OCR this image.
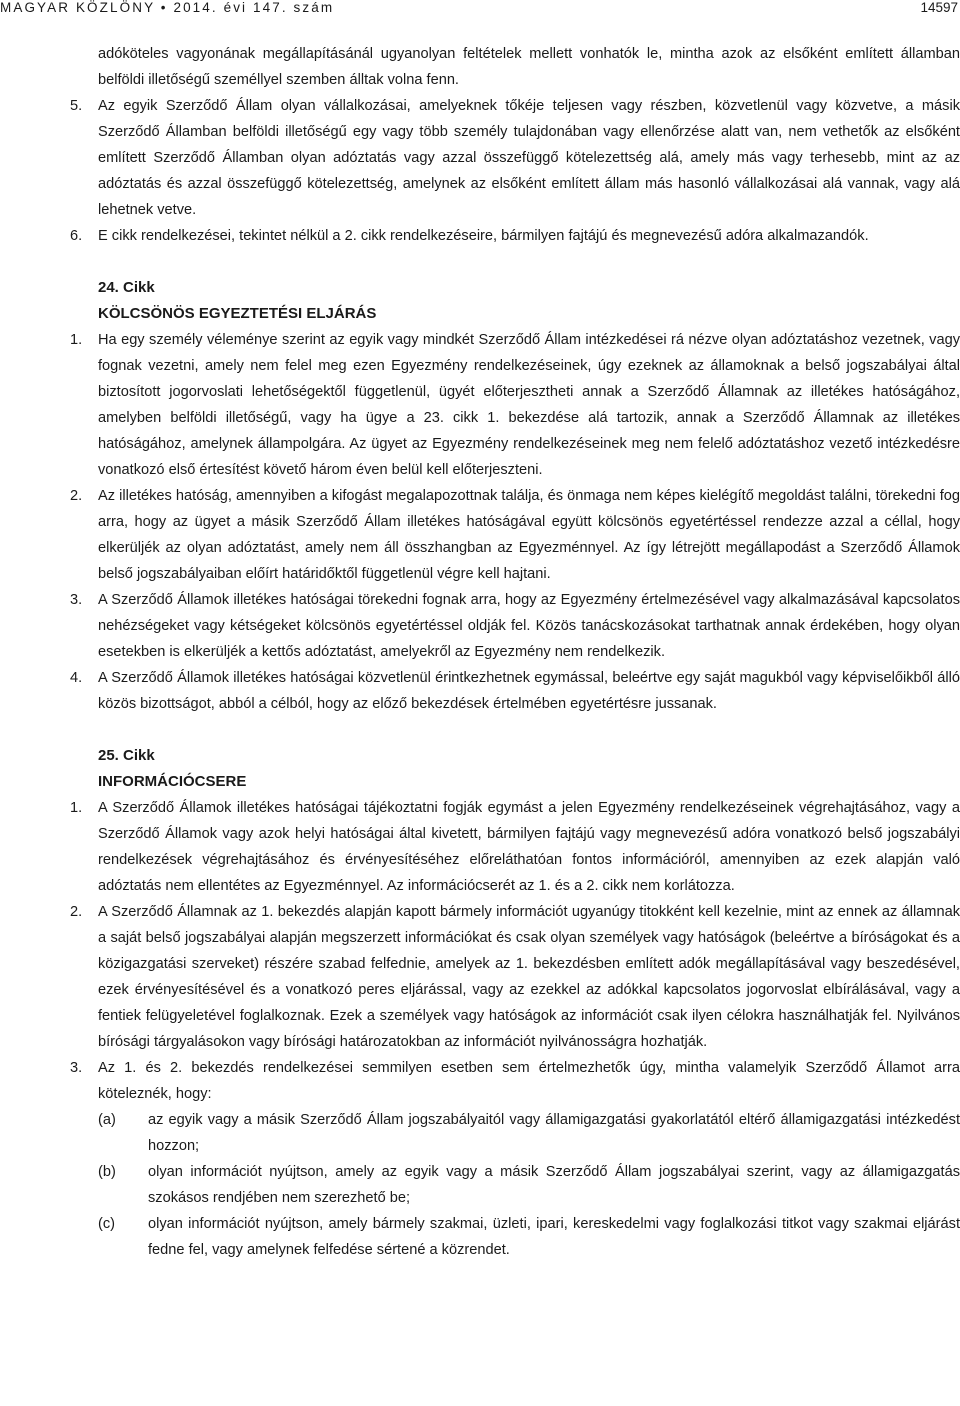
MAGYAR KÖZLÖNY • 2014. évi 147. szám	14597
adóköteles vagyonának megállapításánál ugyanolyan feltételek mellett vonhatók le, mintha azok az elsőként említett államban belföldi illetőségű személlyel szemben álltak volna fenn.
5. Az egyik Szerződő Állam olyan vállalkozásai, amelyeknek tőkéje teljesen vagy részben, közvetlenül vagy közvetve, a másik Szerződő Államban belföldi illetőségű egy vagy több személy tulajdonában vagy ellenőrzése alatt van, nem vethetők az elsőként említett Szerződő Államban olyan adóztatás vagy azzal összefüggő kötelezettség alá, amely más vagy terhesebb, mint az az adóztatás és azzal összefüggő kötelezettség, amelynek az elsőként említett állam más hasonló vállalkozásai alá vannak, vagy alá lehetnek vetve.
6. E cikk rendelkezései, tekintet nélkül a 2. cikk rendelkezéseire, bármilyen fajtájú és megnevezésű adóra alkalmazandók.
24. Cikk
KÖLCSÖNÖS EGYEZTETÉSI ELJÁRÁS
1. Ha egy személy véleménye szerint az egyik vagy mindkét Szerződő Állam intézkedései rá nézve olyan adóztatáshoz vezetnek, vagy fognak vezetni, amely nem felel meg ezen Egyezmény rendelkezéseinek, úgy ezeknek az államoknak a belső jogszabályai által biztosított jogorvoslati lehetőségektől függetlenül, ügyét előterjesztheti annak a Szerződő Államnak az illetékes hatóságához, amelyben belföldi illetőségű, vagy ha ügye a 23. cikk 1. bekezdése alá tartozik, annak a Szerződő Államnak az illetékes hatóságához, amelynek állampolgára. Az ügyet az Egyezmény rendelkezéseinek meg nem felelő adóztatáshoz vezető intézkedésre vonatkozó első értesítést követő három éven belül kell előterjeszteni.
2. Az illetékes hatóság, amennyiben a kifogást megalapozottnak találja, és önmaga nem képes kielégítő megoldást találni, törekedni fog arra, hogy az ügyet a másik Szerződő Állam illetékes hatóságával együtt kölcsönös egyetértéssel rendezze azzal a céllal, hogy elkerüljék az olyan adóztatást, amely nem áll összhangban az Egyezménnyel. Az így létrejött megállapodást a Szerződő Államok belső jogszabályaiban előírt határidőktől függetlenül végre kell hajtani.
3. A Szerződő Államok illetékes hatóságai törekedni fognak arra, hogy az Egyezmény értelmezésével vagy alkalmazásával kapcsolatos nehézségeket vagy kétségeket kölcsönös egyetértéssel oldják fel. Közös tanácskozásokat tarthatnak annak érdekében, hogy olyan esetekben is elkerüljék a kettős adóztatást, amelyekről az Egyezmény nem rendelkezik.
4. A Szerződő Államok illetékes hatóságai közvetlenül érintkezhetnek egymással, beleértve egy saját magukból vagy képviselőikből álló közös bizottságot, abból a célból, hogy az előző bekezdések értelmében egyetértésre jussanak.
25. Cikk
INFORMÁCIÓCSERE
1. A Szerződő Államok illetékes hatóságai tájékoztatni fogják egymást a jelen Egyezmény rendelkezéseinek végrehajtásához, vagy a Szerződő Államok vagy azok helyi hatóságai által kivetett, bármilyen fajtájú vagy megnevezésű adóra vonatkozó belső jogszabályi rendelkezések végrehajtásához és érvényesítéséhez előreláthatóan fontos információról, amennyiben az ezek alapján való adóztatás nem ellentétes az Egyezménnyel. Az információcserét az 1. és a 2. cikk nem korlátozza.
2. A Szerződő Államnak az 1. bekezdés alapján kapott bármely információt ugyanúgy titokként kell kezelnie, mint az ennek az államnak a saját belső jogszabályai alapján megszerzett információkat és csak olyan személyek vagy hatóságok (beleértve a bíróságokat és a közigazgatási szerveket) részére szabad felfednie, amelyek az 1. bekezdésben említett adók megállapításával vagy beszedésével, ezek érvényesítésével és a vonatkozó peres eljárással, vagy az ezekkel az adókkal kapcsolatos jogorvoslat elbírálásával, vagy a fentiek felügyeletével foglalkoznak. Ezek a személyek vagy hatóságok az információt csak ilyen célokra használhatják fel. Nyilvános bírósági tárgyalásokon vagy bírósági határozatokban az információt nyilvánosságra hozhatják.
3. Az 1. és 2. bekezdés rendelkezései semmilyen esetben sem értelmezhetők úgy, mintha valamelyik Szerződő Államot arra köteleznék, hogy:
(a) az egyik vagy a másik Szerződő Állam jogszabályaitól vagy államigazgatási gyakorlatától eltérő államigazgatási intézkedést hozzon;
(b) olyan információt nyújtson, amely az egyik vagy a másik Szerződő Állam jogszabályai szerint, vagy az államigazgatás szokásos rendjében nem szerezhető be;
(c) olyan információt nyújtson, amely bármely szakmai, üzleti, ipari, kereskedelmi vagy foglalkozási titkot vagy szakmai eljárást fedne fel, vagy amelynek felfedése sértené a közrendet.
